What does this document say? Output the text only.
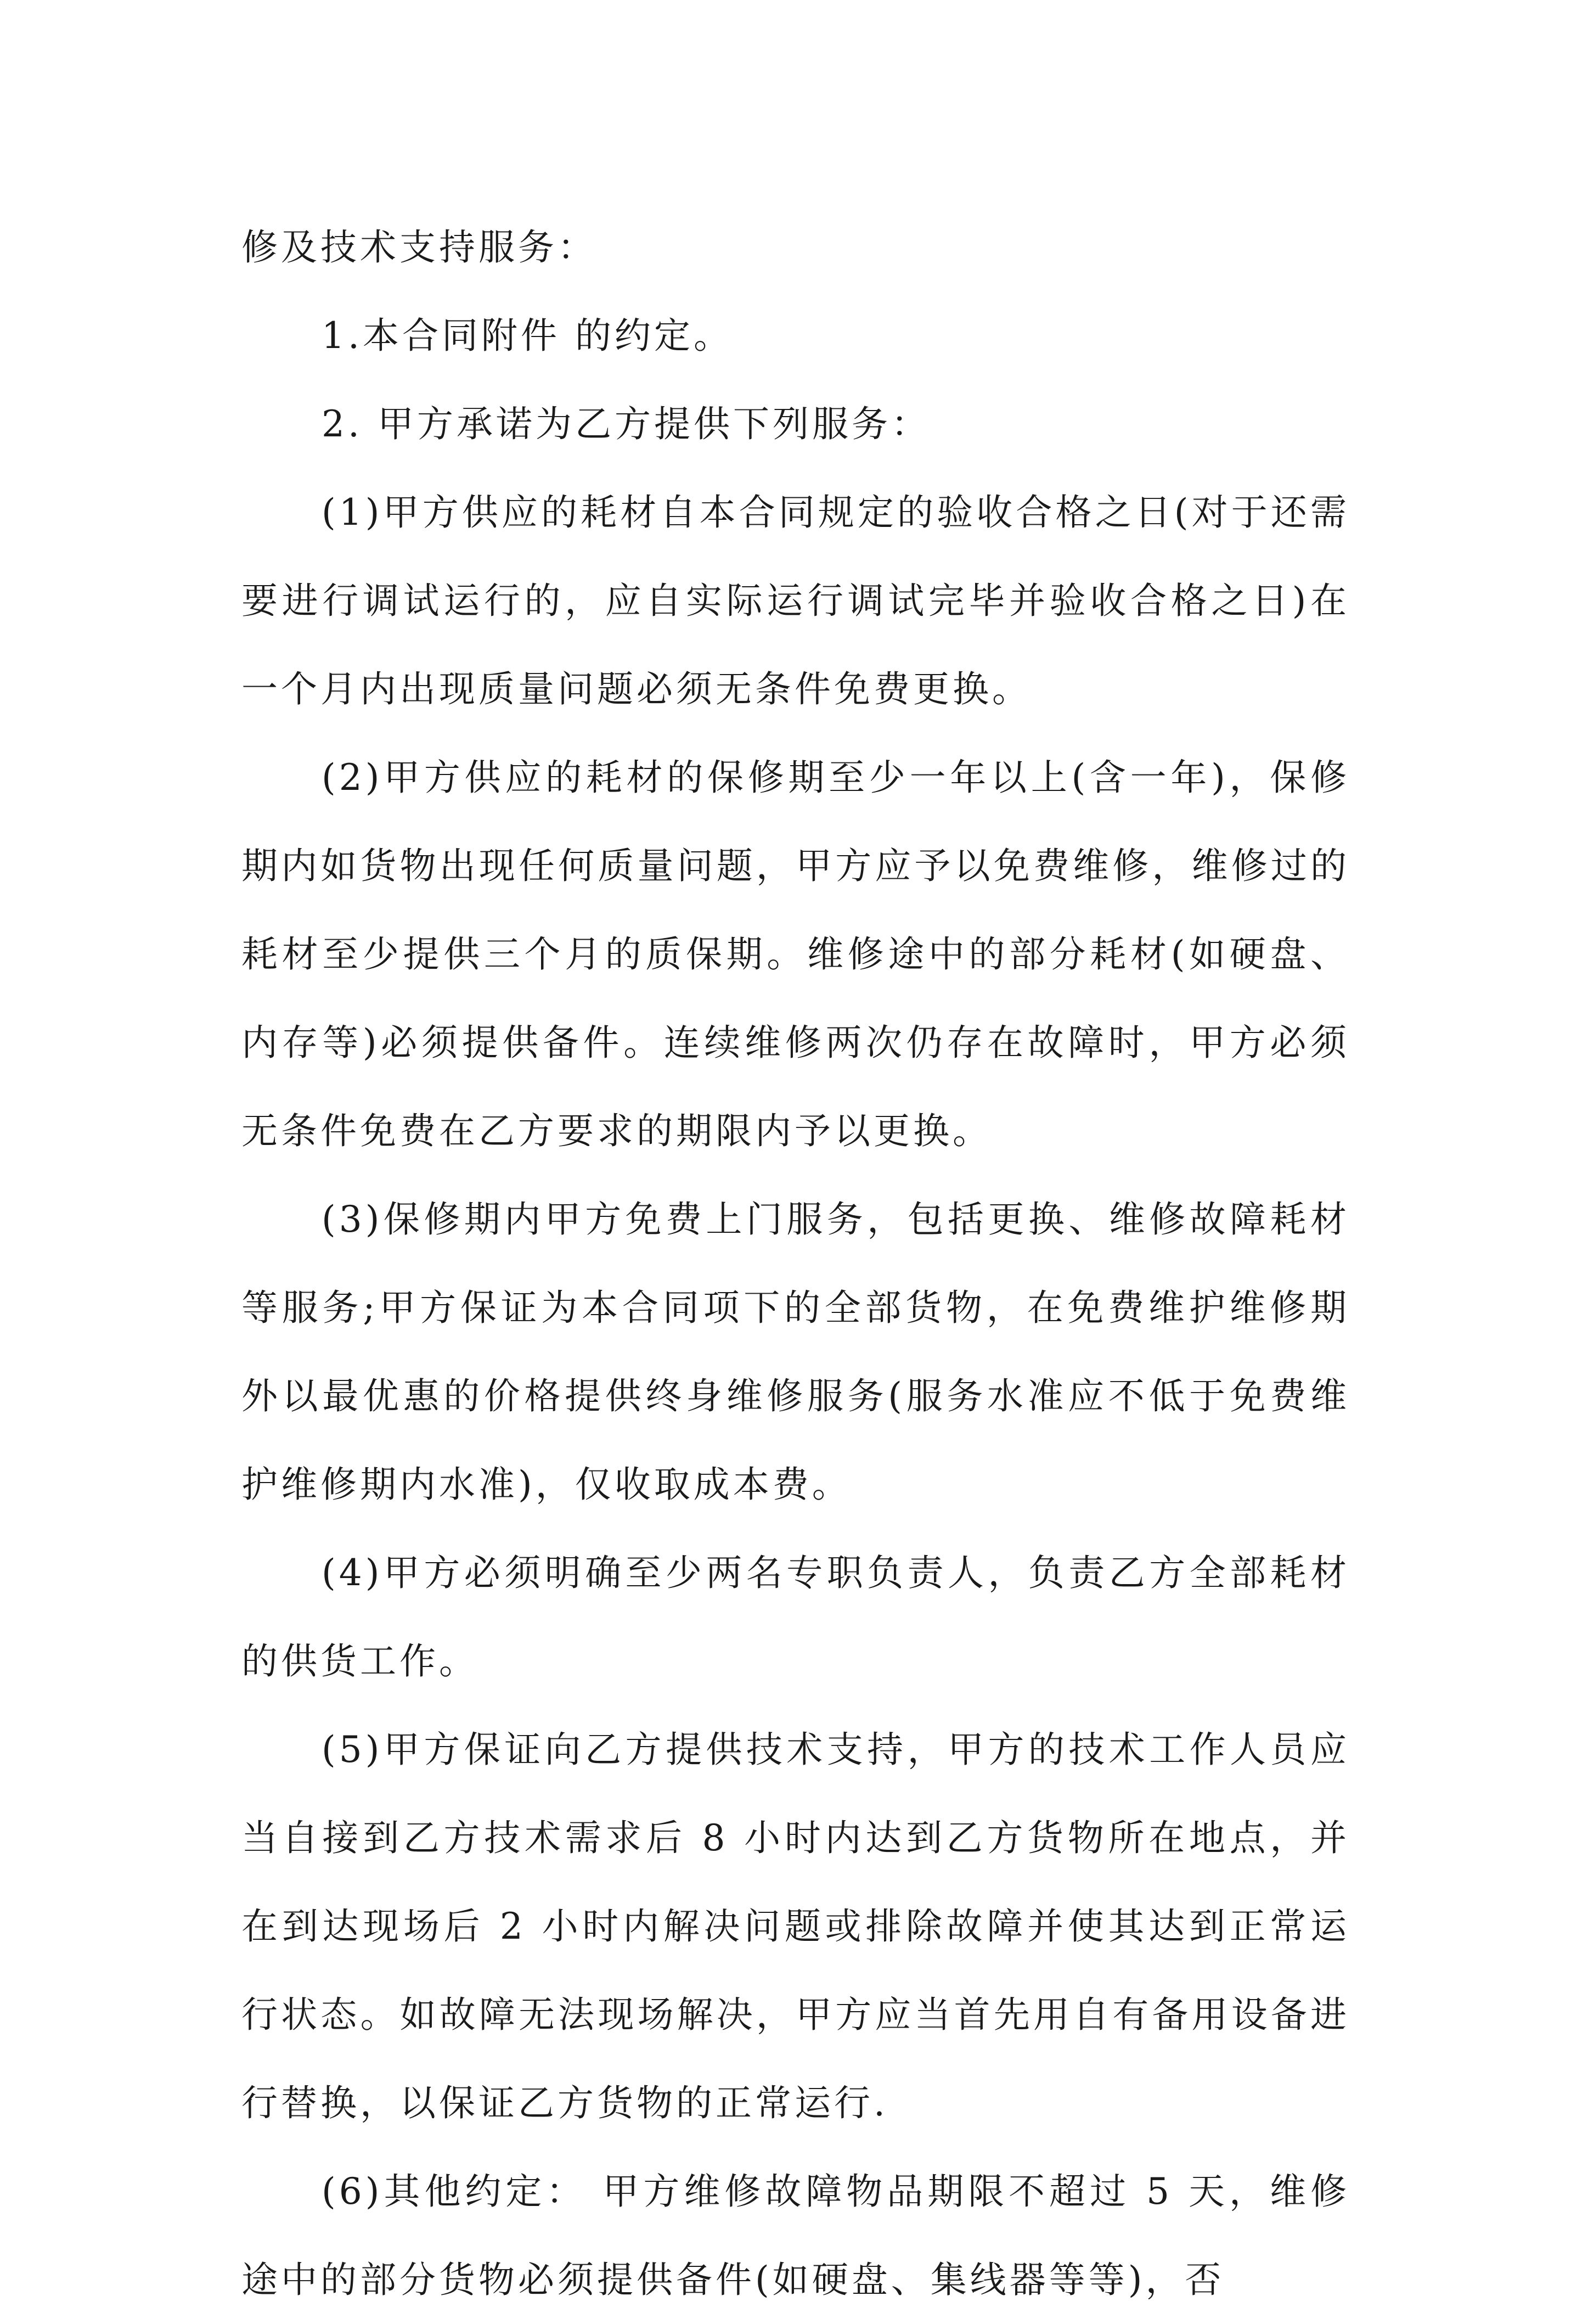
修及技术支持服务：

1.本合同附件 的约定。

2. 甲方承诺为乙方提供下列服务：

(1)甲方供应的耗材自本合同规定的验收合格之日(对于还需要进行调试运行的，应自实际运行调试完毕并验收合格之日)在一个月内出现质量问题必须无条件免费更换。

(2)甲方供应的耗材的保修期至少一年以上(含一年)，保修期内如货物出现任何质量问题，甲方应予以免费维修，维修过的耗材至少提供三个月的质保期。维修途中的部分耗材(如硬盘、内存等)必须提供备件。连续维修两次仍存在故障时，甲方必须无条件免费在乙方要求的期限内予以更换。

(3)保修期内甲方免费上门服务，包括更换、维修故障耗材等服务;甲方保证为本合同项下的全部货物，在免费维护维修期外以最优惠的价格提供终身维修服务(服务水准应不低于免费维护维修期内水准)，仅收取成本费。

(4)甲方必须明确至少两名专职负责人，负责乙方全部耗材的供货工作。

(5)甲方保证向乙方提供技术支持，甲方的技术工作人员应当自接到乙方技术需求后 8 小时内达到乙方货物所在地点，并在到达现场后 2 小时内解决问题或排除故障并使其达到正常运行状态。如故障无法现场解决，甲方应当首先用自有备用设备进行替换，以保证乙方货物的正常运行.

(6)其他约定： 甲方维修故障物品期限不超过 5 天，维修途中的部分货物必须提供备件(如硬盘、集线器等等)，否
